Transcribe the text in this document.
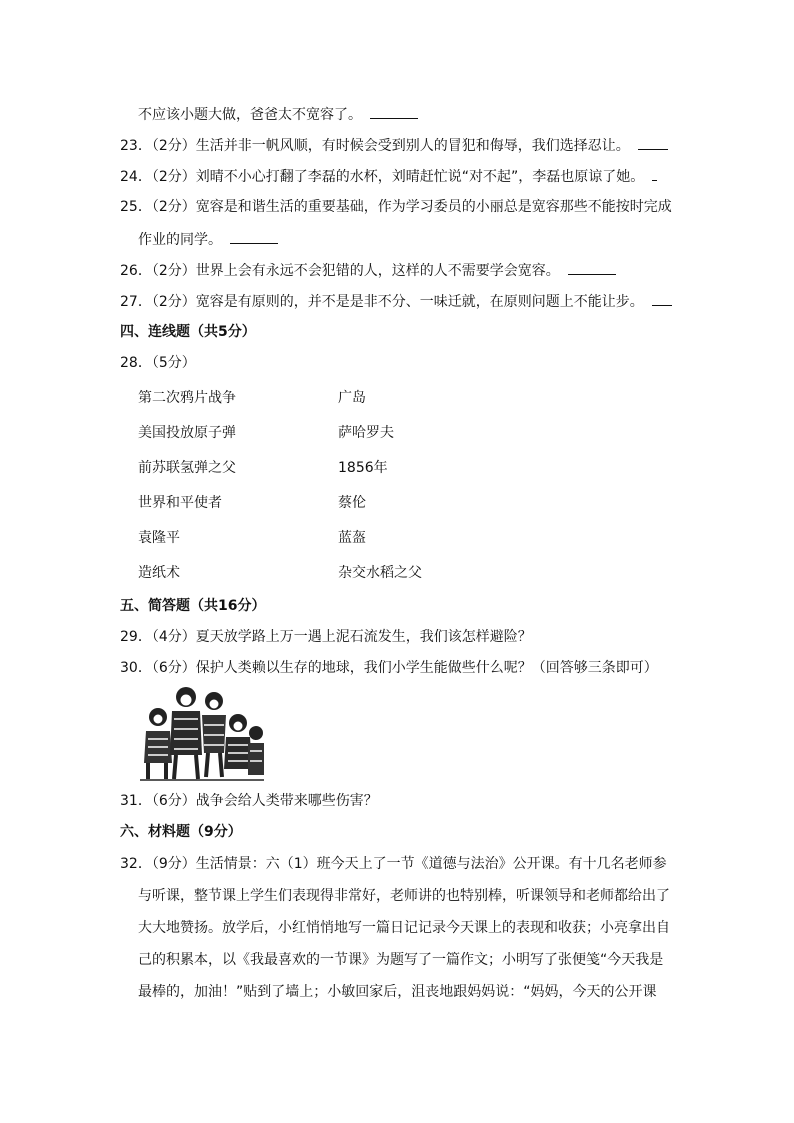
不应该小题大做，爸爸太不宽容了。
23．（2分）生活并非一帆风顺，有时候会受到别人的冒犯和侮辱，我们选择忍让。
24．（2分）刘晴不小心打翻了李磊的水杯，刘晴赶忙说“对不起”，李磊也原谅了她。
25．（2分）宽容是和谐生活的重要基础，作为学习委员的小丽总是宽容那些不能按时完成
作业的同学。
26．（2分）世界上会有永远不会犯错的人，这样的人不需要学会宽容。
27．（2分）宽容是有原则的，并不是是非不分、一味迁就，在原则问题上不能让步。
四、连线题（共5分）
28．（5分）
第二次鸦片战争	广岛
美国投放原子弹	萨哈罗夫
前苏联氢弹之父	1856年
世界和平使者	蔡伦
袁隆平	蓝盔
造纸术	杂交水稻之父
五、简答题（共16分）
29．（4分）夏天放学路上万一遇上泥石流发生，我们该怎样避险？
30．（6分）保护人类赖以生存的地球，我们小学生能做些什么呢？（回答够三条即可）
31．（6分）战争会给人类带来哪些伤害？
六、材料题（9分）
32．（9分）生活情景：六（1）班今天上了一节《道德与法治》公开课。有十几名老师参
与听课，整节课上学生们表现得非常好，老师讲的也特别棒，听课领导和老师都给出了
大大地赞扬。放学后，小红悄悄地写一篇日记记录今天课上的表现和收获；小亮拿出自
己的积累本，以《我最喜欢的一节课》为题写了一篇作文；小明写了张便笺“今天我是
最棒的，加油！”贴到了墙上；小敏回家后，沮丧地跟妈妈说：“妈妈，今天的公开课
